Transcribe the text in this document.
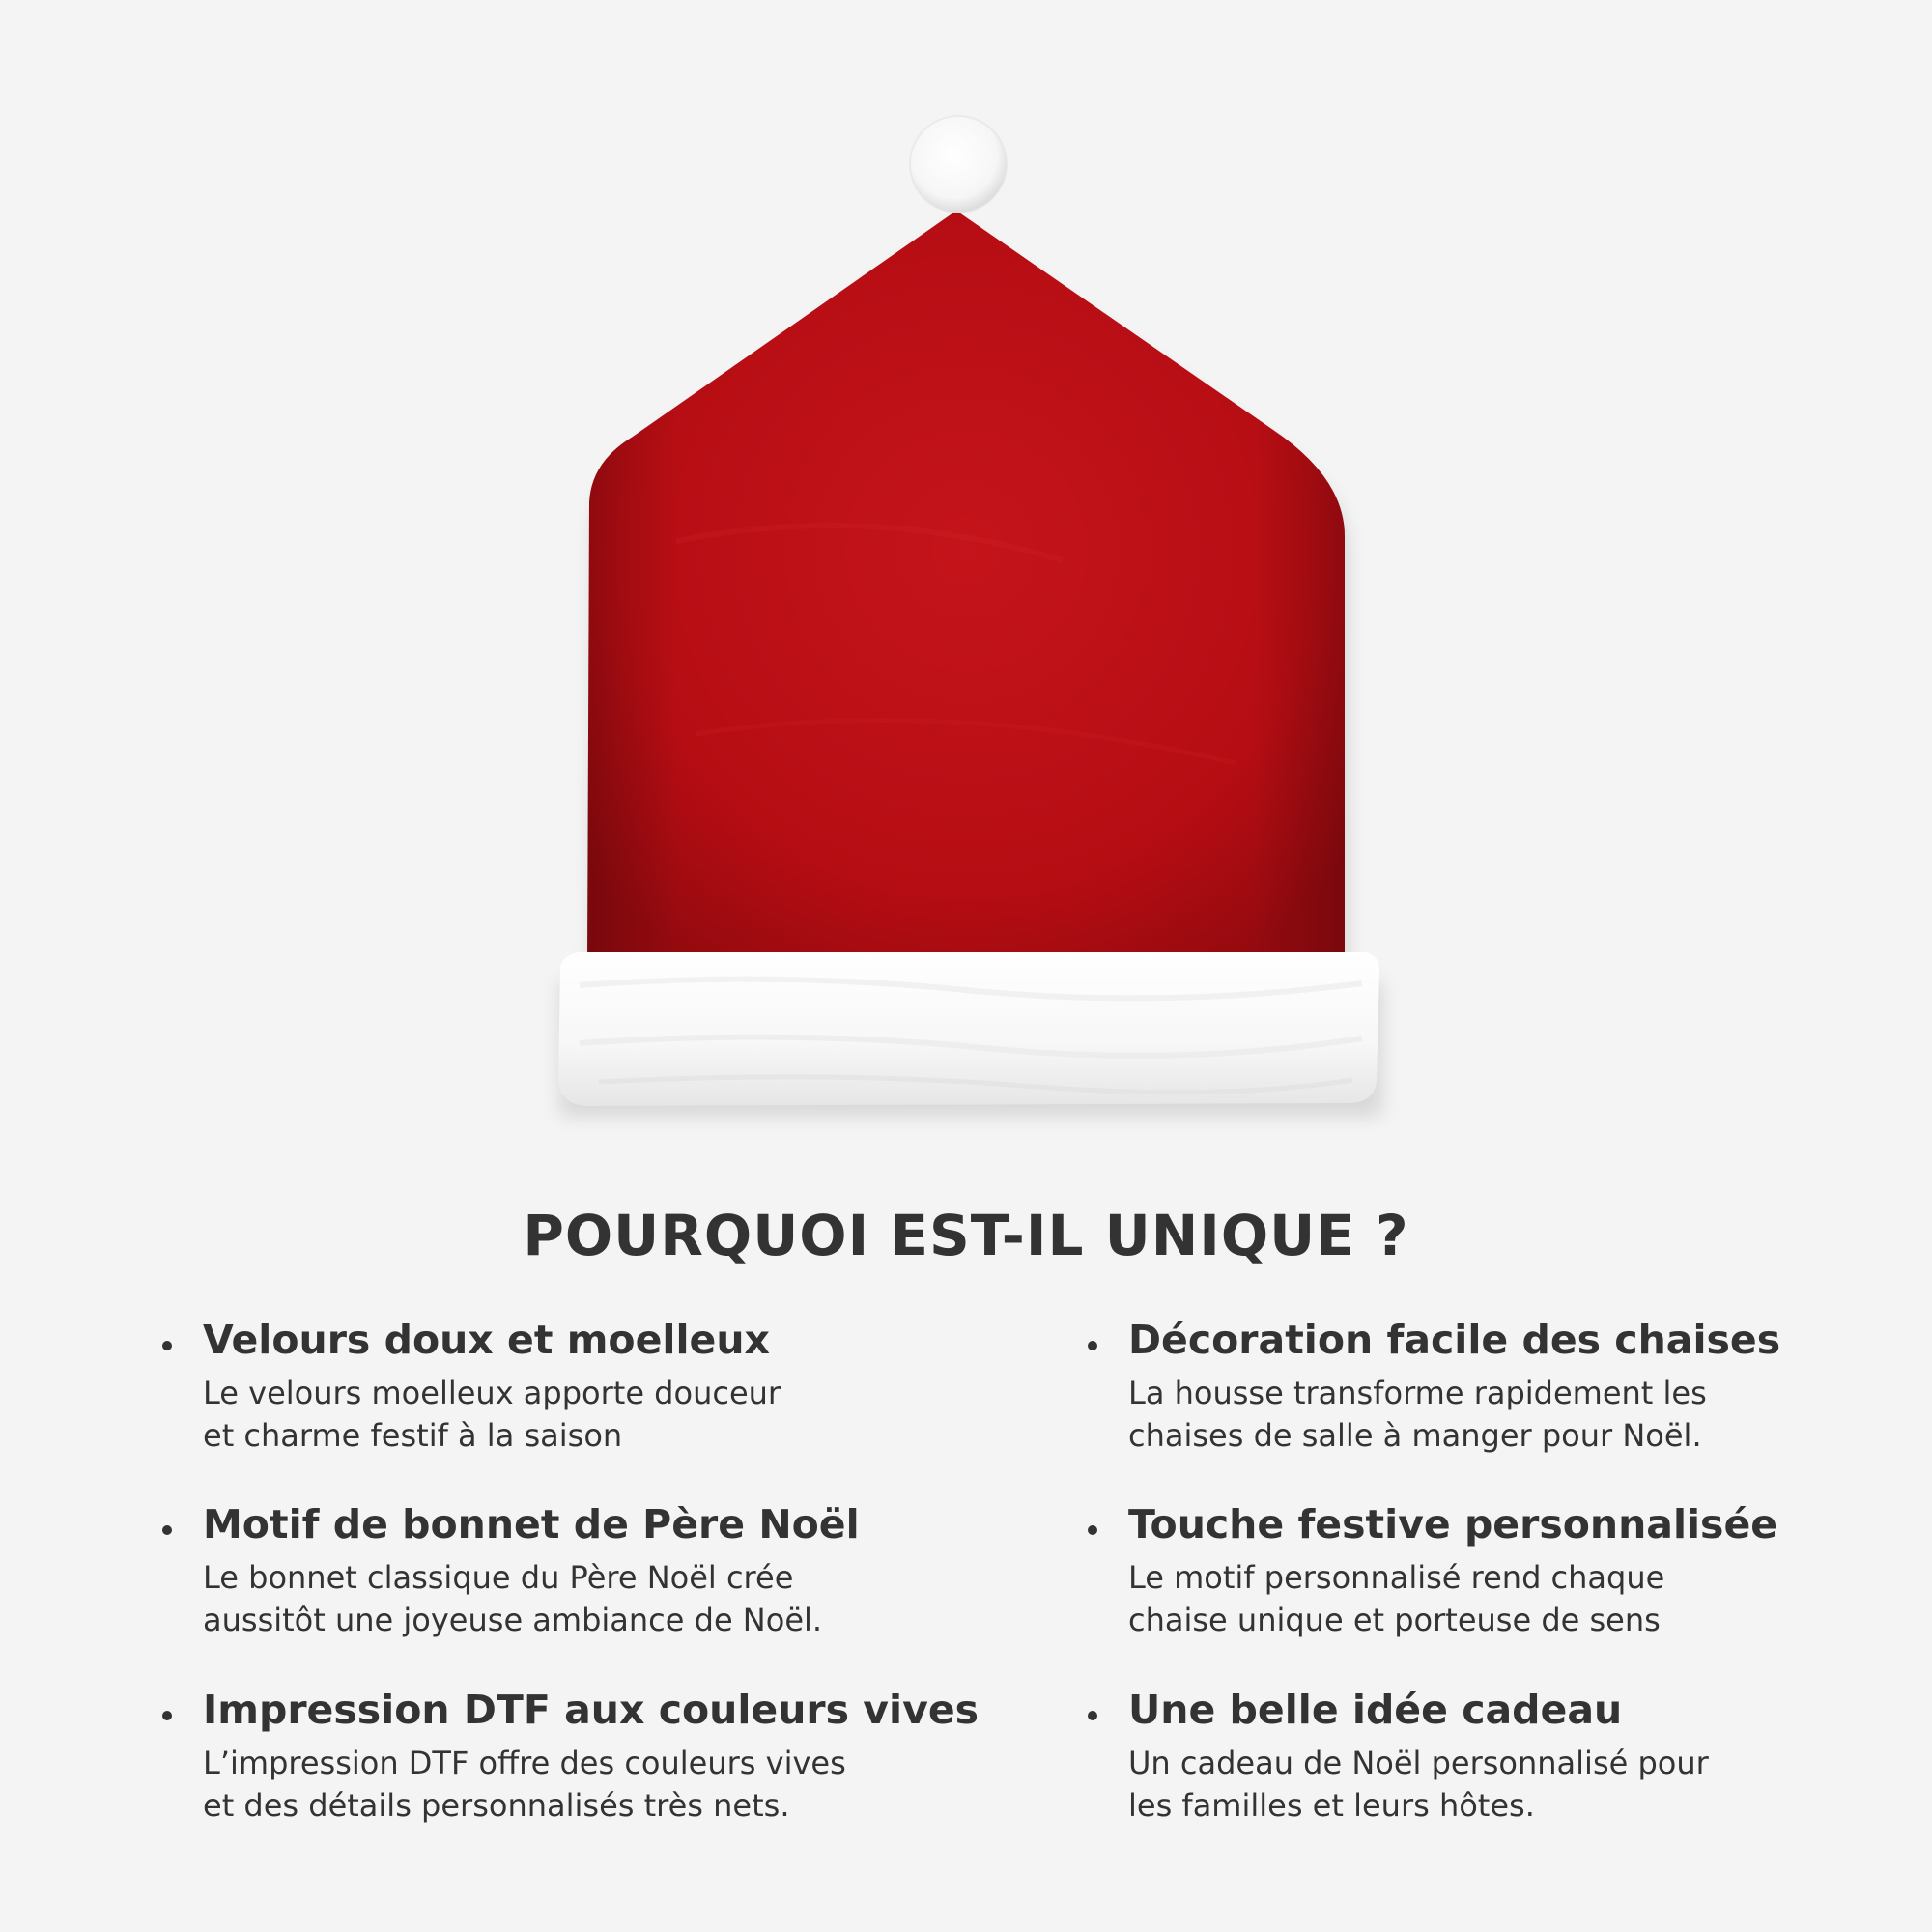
POURQUOI EST-IL UNIQUE ?

Velours doux et moelleux

Le velours moelleux apporte douceur
et charme festif à la saison

Motif de bonnet de Père Noël

Le bonnet classique du Père Noël crée
aussitôt une joyeuse ambiance de Noël.

Impression DTF aux couleurs vives

L’impression DTF offre des couleurs vives
et des détails personnalisés très nets.

Décoration facile des chaises

La housse transforme rapidement les
chaises de salle à manger pour Noël.

Touche festive personnalisée

Le motif personnalisé rend chaque
chaise unique et porteuse de sens

Une belle idée cadeau

Un cadeau de Noël personnalisé pour
les familles et leurs hôtes.
